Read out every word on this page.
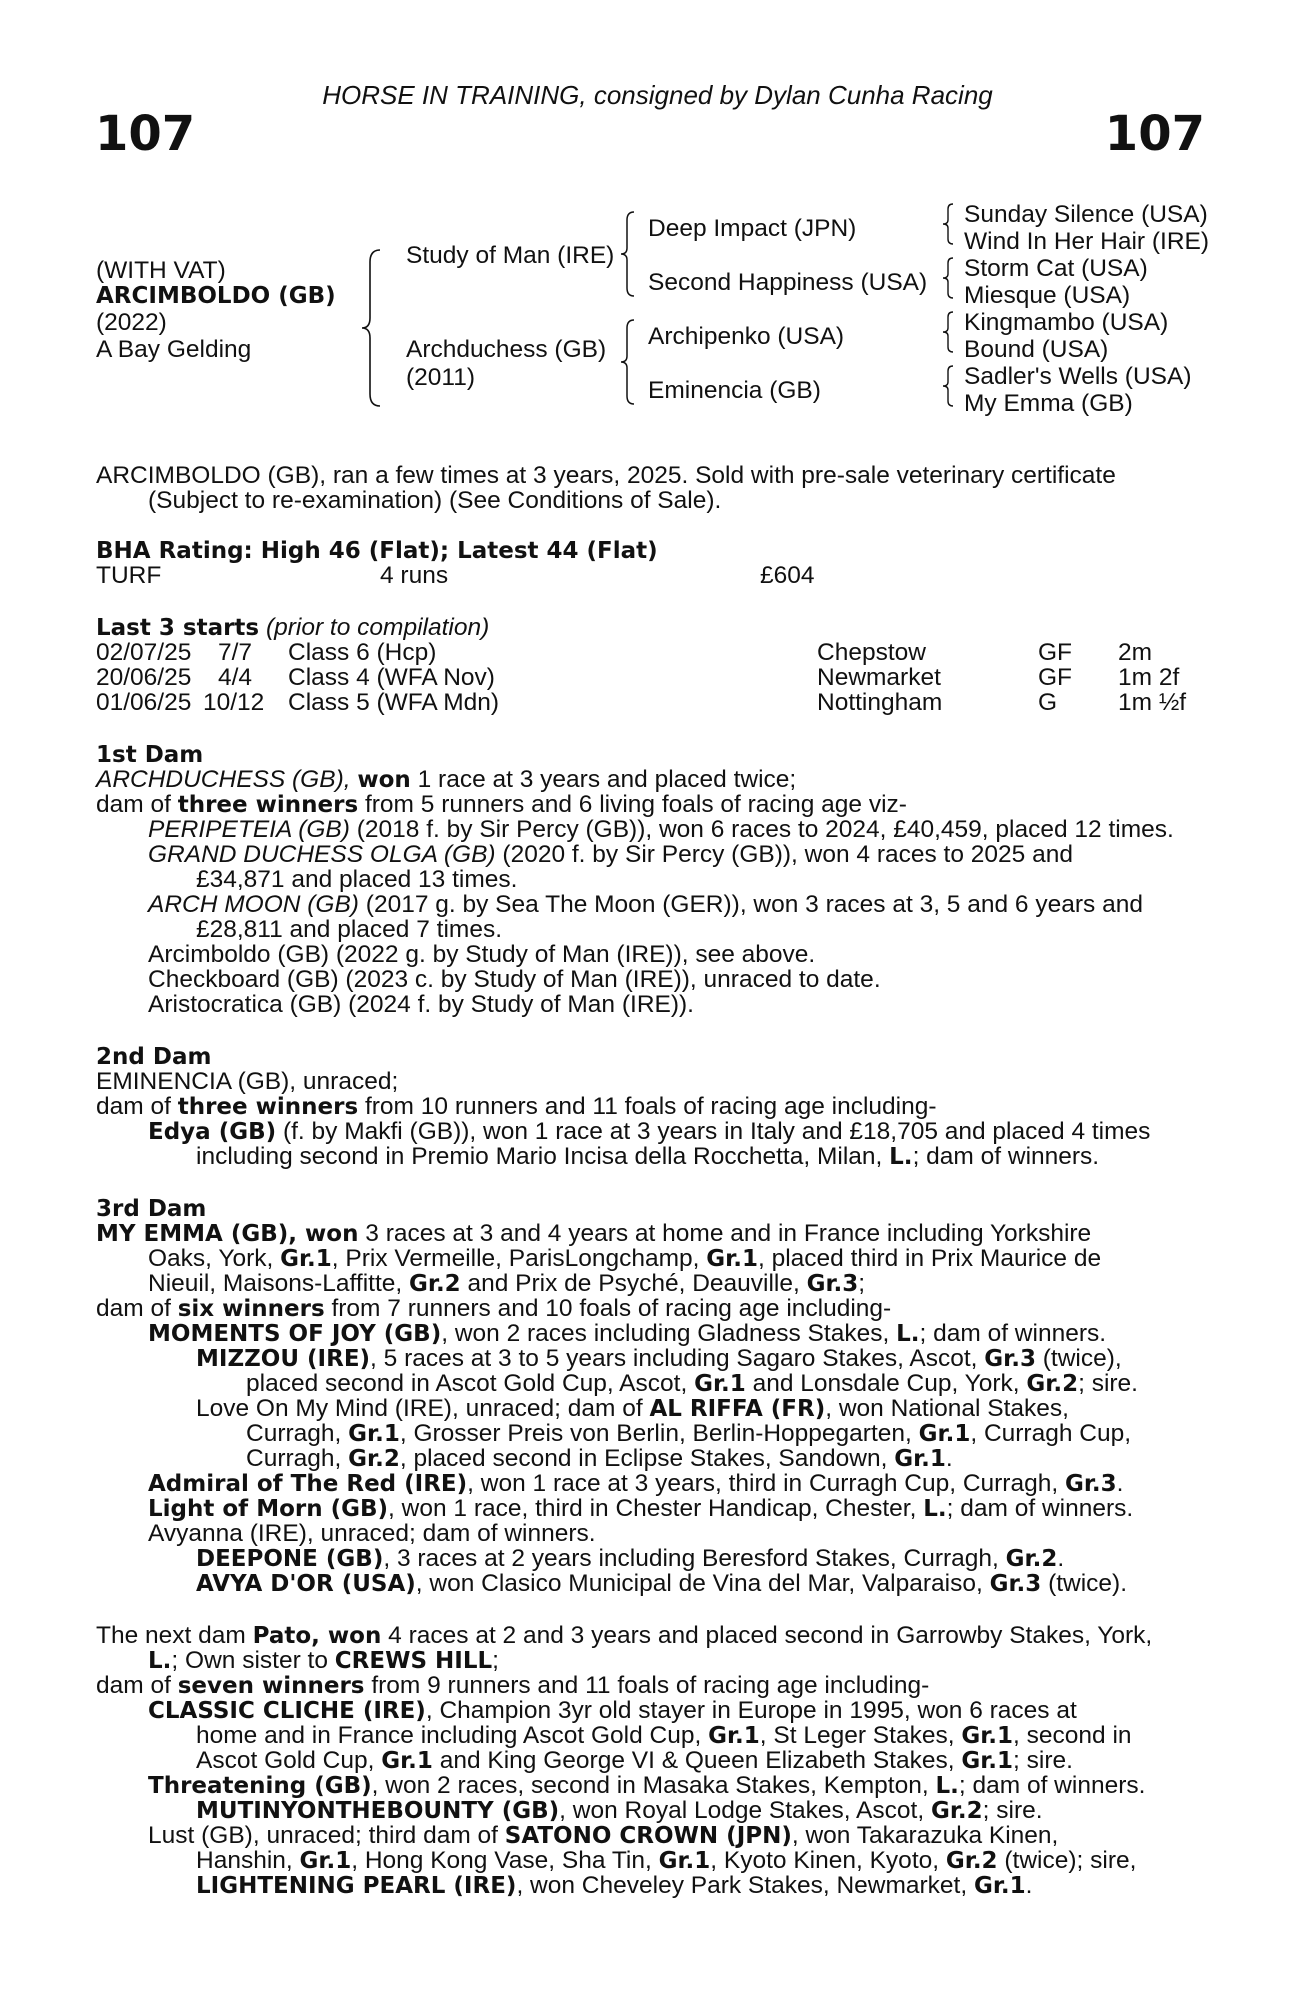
HORSE IN TRAINING, consigned by Dylan Cunha Racing
107	107
(WITH VAT)
ARCIMBOLDO (GB)
(2022)
A Bay Gelding
Study of Man (IRE)
Archduchess (GB)
(2011)
Deep Impact (JPN)
Second Happiness (USA)
Archipenko (USA)
Eminencia (GB)
Sunday Silence (USA)
Wind In Her Hair (IRE)
Storm Cat (USA)
Miesque (USA)
Kingmambo (USA)
Bound (USA)
Sadler's Wells (USA)
My Emma (GB)
ARCIMBOLDO (GB), ran a few times at 3 years, 2025. Sold with pre-sale veterinary certificate
(Subject to re-examination) (See Conditions of Sale).
BHA Rating: High 46 (Flat); Latest 44 (Flat)
TURF	4 runs	£604
Last 3 starts (prior to compilation)
02/07/25 7/7 Class 6 (Hcp)	Chepstow	GF 2m
20/06/25 4/4 Class 4 (WFA Nov)	Newmarket	GF 1m 2f
01/06/25 10/12 Class 5 (WFA Mdn)	Nottingham	G 1m ½f
1st Dam
ARCHDUCHESS (GB), won 1 race at 3 years and placed twice;
dam of three winners from 5 runners and 6 living foals of racing age viz-
PERIPETEIA (GB) (2018 f. by Sir Percy (GB)), won 6 races to 2024, £40,459, placed 12 times.
GRAND DUCHESS OLGA (GB) (2020 f. by Sir Percy (GB)), won 4 races to 2025 and
£34,871 and placed 13 times.
ARCH MOON (GB) (2017 g. by Sea The Moon (GER)), won 3 races at 3, 5 and 6 years and
£28,811 and placed 7 times.
Arcimboldo (GB) (2022 g. by Study of Man (IRE)), see above.
Checkboard (GB) (2023 c. by Study of Man (IRE)), unraced to date.
Aristocratica (GB) (2024 f. by Study of Man (IRE)).
2nd Dam
EMINENCIA (GB), unraced;
dam of three winners from 10 runners and 11 foals of racing age including-
Edya (GB) (f. by Makfi (GB)), won 1 race at 3 years in Italy and £18,705 and placed 4 times
including second in Premio Mario Incisa della Rocchetta, Milan, L.; dam of winners.
3rd Dam
MY EMMA (GB), won 3 races at 3 and 4 years at home and in France including Yorkshire
Oaks, York, Gr.1, Prix Vermeille, ParisLongchamp, Gr.1, placed third in Prix Maurice de
Nieuil, Maisons-Laffitte, Gr.2 and Prix de Psyché, Deauville, Gr.3;
dam of six winners from 7 runners and 10 foals of racing age including-
MOMENTS OF JOY (GB), won 2 races including Gladness Stakes, L.; dam of winners.
MIZZOU (IRE), 5 races at 3 to 5 years including Sagaro Stakes, Ascot, Gr.3 (twice),
placed second in Ascot Gold Cup, Ascot, Gr.1 and Lonsdale Cup, York, Gr.2; sire.
Love On My Mind (IRE), unraced; dam of AL RIFFA (FR), won National Stakes,
Curragh, Gr.1, Grosser Preis von Berlin, Berlin-Hoppegarten, Gr.1, Curragh Cup,
Curragh, Gr.2, placed second in Eclipse Stakes, Sandown, Gr.1.
Admiral of The Red (IRE), won 1 race at 3 years, third in Curragh Cup, Curragh, Gr.3.
Light of Morn (GB), won 1 race, third in Chester Handicap, Chester, L.; dam of winners.
Avyanna (IRE), unraced; dam of winners.
DEEPONE (GB), 3 races at 2 years including Beresford Stakes, Curragh, Gr.2.
AVYA D'OR (USA), won Clasico Municipal de Vina del Mar, Valparaiso, Gr.3 (twice).
The next dam Pato, won 4 races at 2 and 3 years and placed second in Garrowby Stakes, York,
L.; Own sister to CREWS HILL;
dam of seven winners from 9 runners and 11 foals of racing age including-
CLASSIC CLICHE (IRE), Champion 3yr old stayer in Europe in 1995, won 6 races at
home and in France including Ascot Gold Cup, Gr.1, St Leger Stakes, Gr.1, second in
Ascot Gold Cup, Gr.1 and King George VI & Queen Elizabeth Stakes, Gr.1; sire.
Threatening (GB), won 2 races, second in Masaka Stakes, Kempton, L.; dam of winners.
MUTINYONTHEBOUNTY (GB), won Royal Lodge Stakes, Ascot, Gr.2; sire.
Lust (GB), unraced; third dam of SATONO CROWN (JPN), won Takarazuka Kinen,
Hanshin, Gr.1, Hong Kong Vase, Sha Tin, Gr.1, Kyoto Kinen, Kyoto, Gr.2 (twice); sire,
LIGHTENING PEARL (IRE), won Cheveley Park Stakes, Newmarket, Gr.1.
